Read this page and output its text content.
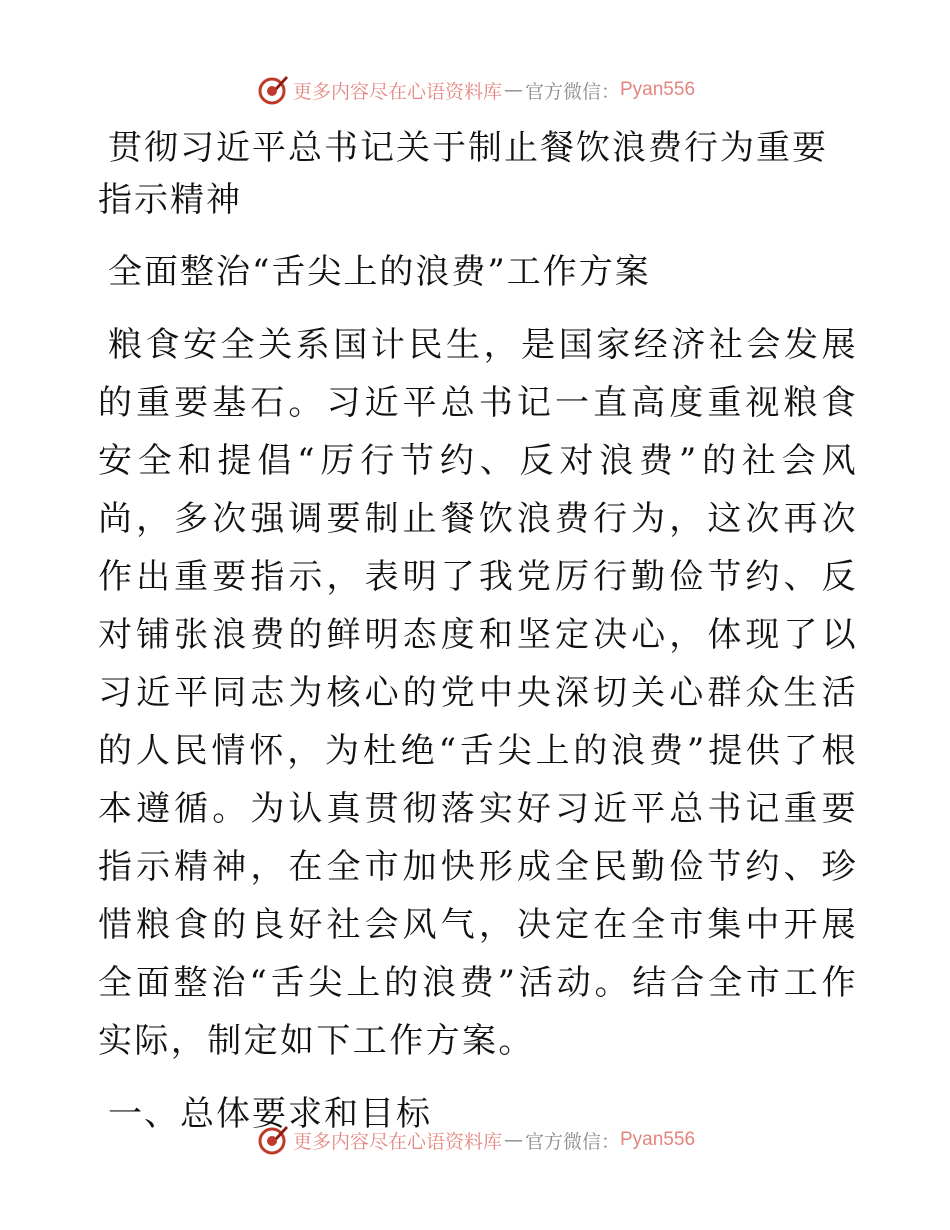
更多内容尽在心语资料库 — 官方微信： Pyan556
贯彻习近平总书记关于制止餐饮浪费行为重要指示精神
全面整治“舌尖上的浪费”工作方案

粮食安全关系国计民生，是国家经济社会发展的重要基石。习近平总书记一直高度重视粮食安全和提倡“厉行节约、反对浪费”的社会风尚，多次强调要制止餐饮浪费行为，这次再次作出重要指示，表明了我党厉行勤俭节约、反对铺张浪费的鲜明态度和坚定决心，体现了以习近平同志为核心的党中央深切关心群众生活的人民情怀，为杜绝“舌尖上的浪费”提供了根本遵循。为认真贯彻落实好习近平总书记重要指示精神，在全市加快形成全民勤俭节约、珍惜粮食的良好社会风气，决定在全市集中开展全面整治“舌尖上的浪费”活动。结合全市工作实际，制定如下工作方案。

一、总体要求和目标
更多内容尽在心语资料库 — 官方微信： Pyan556
